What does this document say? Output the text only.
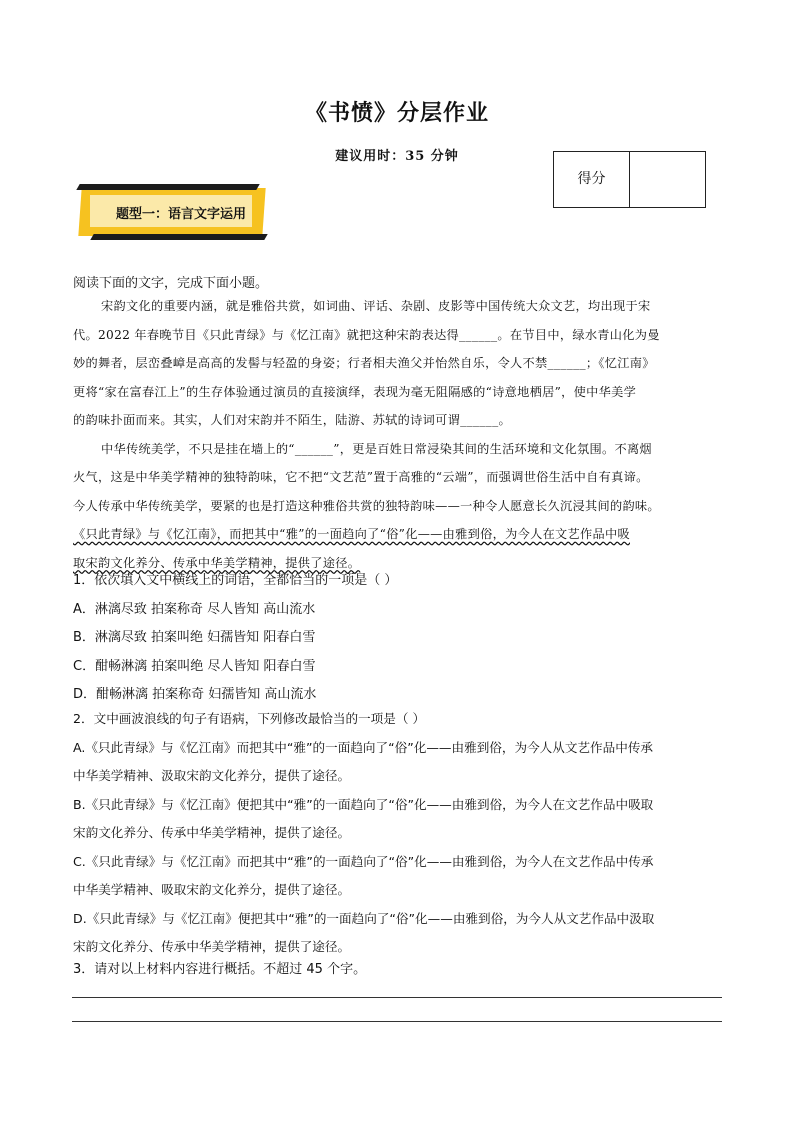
《书愤》分层作业
建议用时：35 分钟
得分
题型一：语言文字运用
阅读下面的文字，完成下面小题。
宋韵文化的重要内涵，就是雅俗共赏，如词曲、评话、杂剧、皮影等中国传统大众文艺，均出现于宋
代。2022 年春晚节目《只此青绿》与《忆江南》就把这种宋韵表达得______。在节目中，绿水青山化为曼
妙的舞者，层峦叠嶂是高高的发髻与轻盈的身姿；行者相夫渔父并怡然自乐，令人不禁______；《忆江南》
更将“家在富春江上”的生存体验通过演员的直接演绎，表现为毫无阻隔感的“诗意地栖居”，使中华美学
的韵味扑面而来。其实，人们对宋韵并不陌生，陆游、苏轼的诗词可谓______。
中华传统美学，不只是挂在墙上的“______”，更是百姓日常浸染其间的生活环境和文化氛围。不离烟
火气，这是中华美学精神的独特韵味，它不把“文艺范”置于高雅的“云端”，而强调世俗生活中自有真谛。
今人传承中华传统美学，要紧的也是打造这种雅俗共赏的独特韵味——一种令人愿意长久沉浸其间的韵味。
《只此青绿》与《忆江南》，而把其中“雅”的一面趋向了“俗”化——由雅到俗，为今人在文艺作品中吸
取宋韵文化养分、传承中华美学精神，提供了途径。
1．依次填入文中横线上的词语，全都恰当的一项是（ ）
A．淋漓尽致 拍案称奇 尽人皆知 高山流水
B．淋漓尽致 拍案叫绝 妇孺皆知 阳春白雪
C．酣畅淋漓 拍案叫绝 尽人皆知 阳春白雪
D．酣畅淋漓 拍案称奇 妇孺皆知 高山流水
2．文中画波浪线的句子有语病，下列修改最恰当的一项是（ ）
A.《只此青绿》与《忆江南》而把其中“雅”的一面趋向了“俗”化——由雅到俗，为今人从文艺作品中传承
中华美学精神、汲取宋韵文化养分，提供了途径。
B.《只此青绿》与《忆江南》便把其中“雅”的一面趋向了“俗”化——由雅到俗，为今人在文艺作品中吸取
宋韵文化养分、传承中华美学精神，提供了途径。
C.《只此青绿》与《忆江南》而把其中“雅”的一面趋向了“俗”化——由雅到俗，为今人在文艺作品中传承
中华美学精神、吸取宋韵文化养分，提供了途径。
D.《只此青绿》与《忆江南》便把其中“雅”的一面趋向了“俗”化——由雅到俗，为今人从文艺作品中汲取
宋韵文化养分、传承中华美学精神，提供了途径。
3．请对以上材料内容进行概括。不超过 45 个字。
